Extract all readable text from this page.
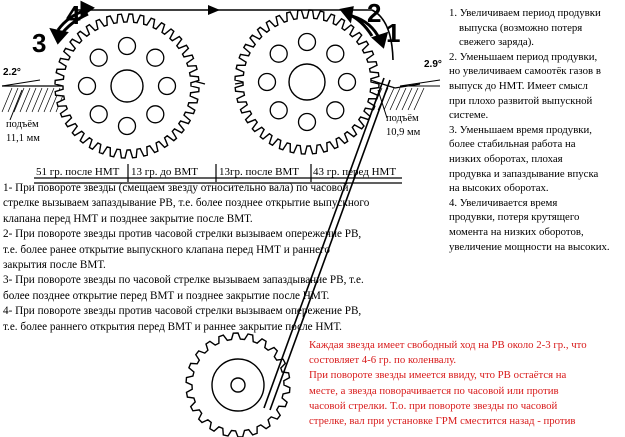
3
4	2
1
2.2°
2.9°
подъём
11,1 мм
подъём
10,9 мм
51 гр. после НМТ 13 гр. до ВМТ 13гр. после ВМТ 43 гр. перед НМТ
1. Увеличиваем период продувки
выпуска (возможно потеря
свежего заряда).
2. Уменьшаем период продувки,
но увеличиваем самоотёк газов в
выпуск до НМТ. Имеет смысл
при плохо развитой выпускной
системе.
3. Уменьшаем время продувки,
более стабильная работа на
низких оборотах, плохая
продувка и запаздывание впуска
на высоких оборотах.
4. Увеличивается время
продувки, потеря крутящего
момента на низких оборотов,
увеличение мощности на высоких.
1- При повороте звезды (смещаем звезду относительно вала) по часовой
стрелке вызываем запаздывание РВ, т.е. более позднее открытие выпускного
клапана перед НМТ и позднее закрытие после ВМТ.
2- При повороте звезды против часовой стрелки вызываем опережение РВ,
т.е. более ранее открытие выпускного клапана перед НМТ и раннего
закрытия после ВМТ.
3- При повороте звезды по часовой стрелке вызываем запаздывание РВ, т.е.
более позднее открытие перед ВМТ и позднее закрытие после НМТ.
4- При повороте звезды против часовой стрелки вызываем опережение РВ,
т.е. более раннего открытия перед ВМТ и раннее закрытие после НМТ.
Каждая звезда имеет свободный ход на РВ около 2-3 гр., что
состовляет 4-6 гр. по коленвалу.
При повороте звезды имеется ввиду, что РВ остаётся на
месте, а звезда поворачивается по часовой или против
часовой стрелки. Т.о. при повороте звезды по часовой
стрелке, вал при установке ГРМ сместится назад - против
